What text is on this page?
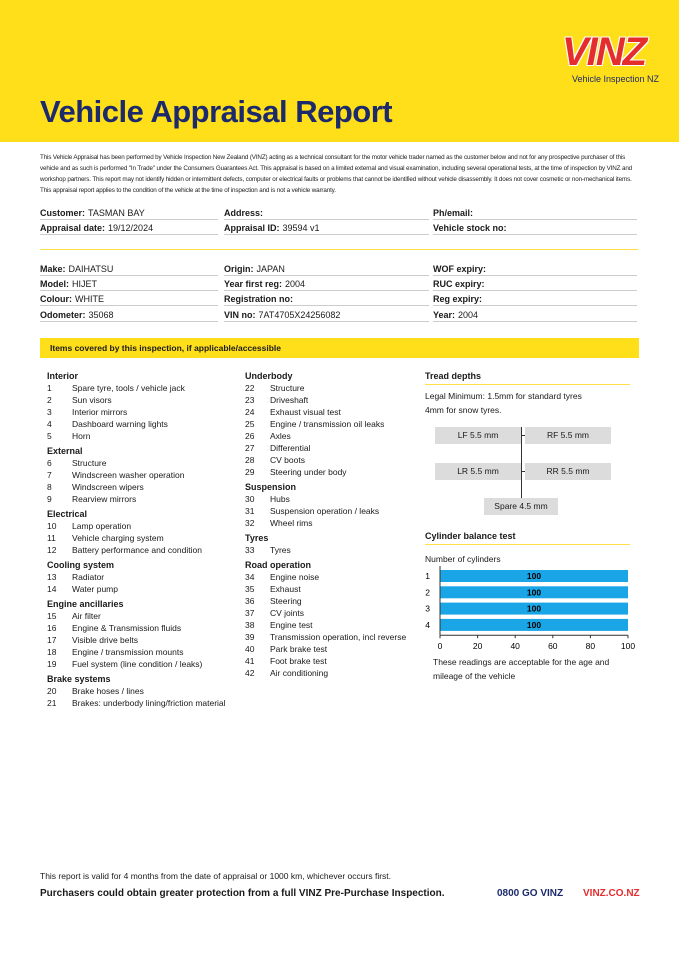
Vehicle Appraisal Report
VINZ
Vehicle Inspection NZ
This Vehicle Appraisal has been performed by Vehicle Inspection New Zealand (VINZ) acting as a technical consultant for the motor vehicle trader named as the customer below and not for any prospective purchaser of this vehicle and as such is performed "In Trade" under the Consumers Guarantees Act. This appraisal is based on a limited external and visual examination, including several operational tests, at the time of inspection by VINZ and workshop partners. This report may not identify hidden or intermittent defects, computer or electrical faults or problems that cannot be identified without vehicle disassembly. It does not cover cosmetic or non-mechanical items. This appraisal report applies to the condition of the vehicle at the time of inspection and is not a vehicle warranty.
Customer: TASMAN BAY	Address:	Ph/email:
Appraisal date: 19/12/2024	Appraisal ID: 39594 v1	Vehicle stock no:
Make: DAIHATSU	Origin: JAPAN	WOF expiry:
Model: HIJET	Year first reg: 2004	RUC expiry:
Colour: WHITE	Registration no:	Reg expiry:
Odometer: 35068	VIN no: 7AT4705X24256082	Year: 2004
Items covered by this inspection, if applicable/accessible
Interior
1 Spare tyre, tools / vehicle jack
2 Sun visors
3 Interior mirrors
4 Dashboard warning lights
5 Horn
External
6 Structure
7 Windscreen washer operation
8 Windscreen wipers
9 Rearview mirrors
Electrical
10 Lamp operation
11 Vehicle charging system
12 Battery performance and condition
Cooling system
13 Radiator
14 Water pump
Engine ancillaries
15 Air filter
16 Engine & Transmission fluids
17 Visible drive belts
18 Engine / transmission mounts
19 Fuel system (line condition / leaks)
Brake systems
20 Brake hoses / lines
21 Brakes: underbody lining/friction material
Underbody
22 Structure
23 Driveshaft
24 Exhaust visual test
25 Engine / transmission oil leaks
26 Axles
27 Differential
28 CV boots
29 Steering under body
Suspension
30 Hubs
31 Suspension operation / leaks
32 Wheel rims
Tyres
33 Tyres
Road operation
34 Engine noise
35 Exhaust
36 Steering
37 CV joints
38 Engine test
39 Transmission operation, incl reverse
40 Park brake test
41 Foot brake test
42 Air conditioning
Tread depths
Legal Minimum: 1.5mm for standard tyres
4mm for snow tyres.
LF 5.5 mm	RF 5.5 mm
LR 5.5 mm	RR 5.5 mm
Spare 4.5 mm
Cylinder balance test
Number of cylinders
1	100
2	100
3	100
4	100
0	20	40	60	80	100
These readings are acceptable for the age and mileage of the vehicle
This report is valid for 4 months from the date of appraisal or 1000 km, whichever occurs first.
Purchasers could obtain greater protection from a full VINZ Pre-Purchase Inspection.	0800 GO VINZ VINZ.CO.NZ
